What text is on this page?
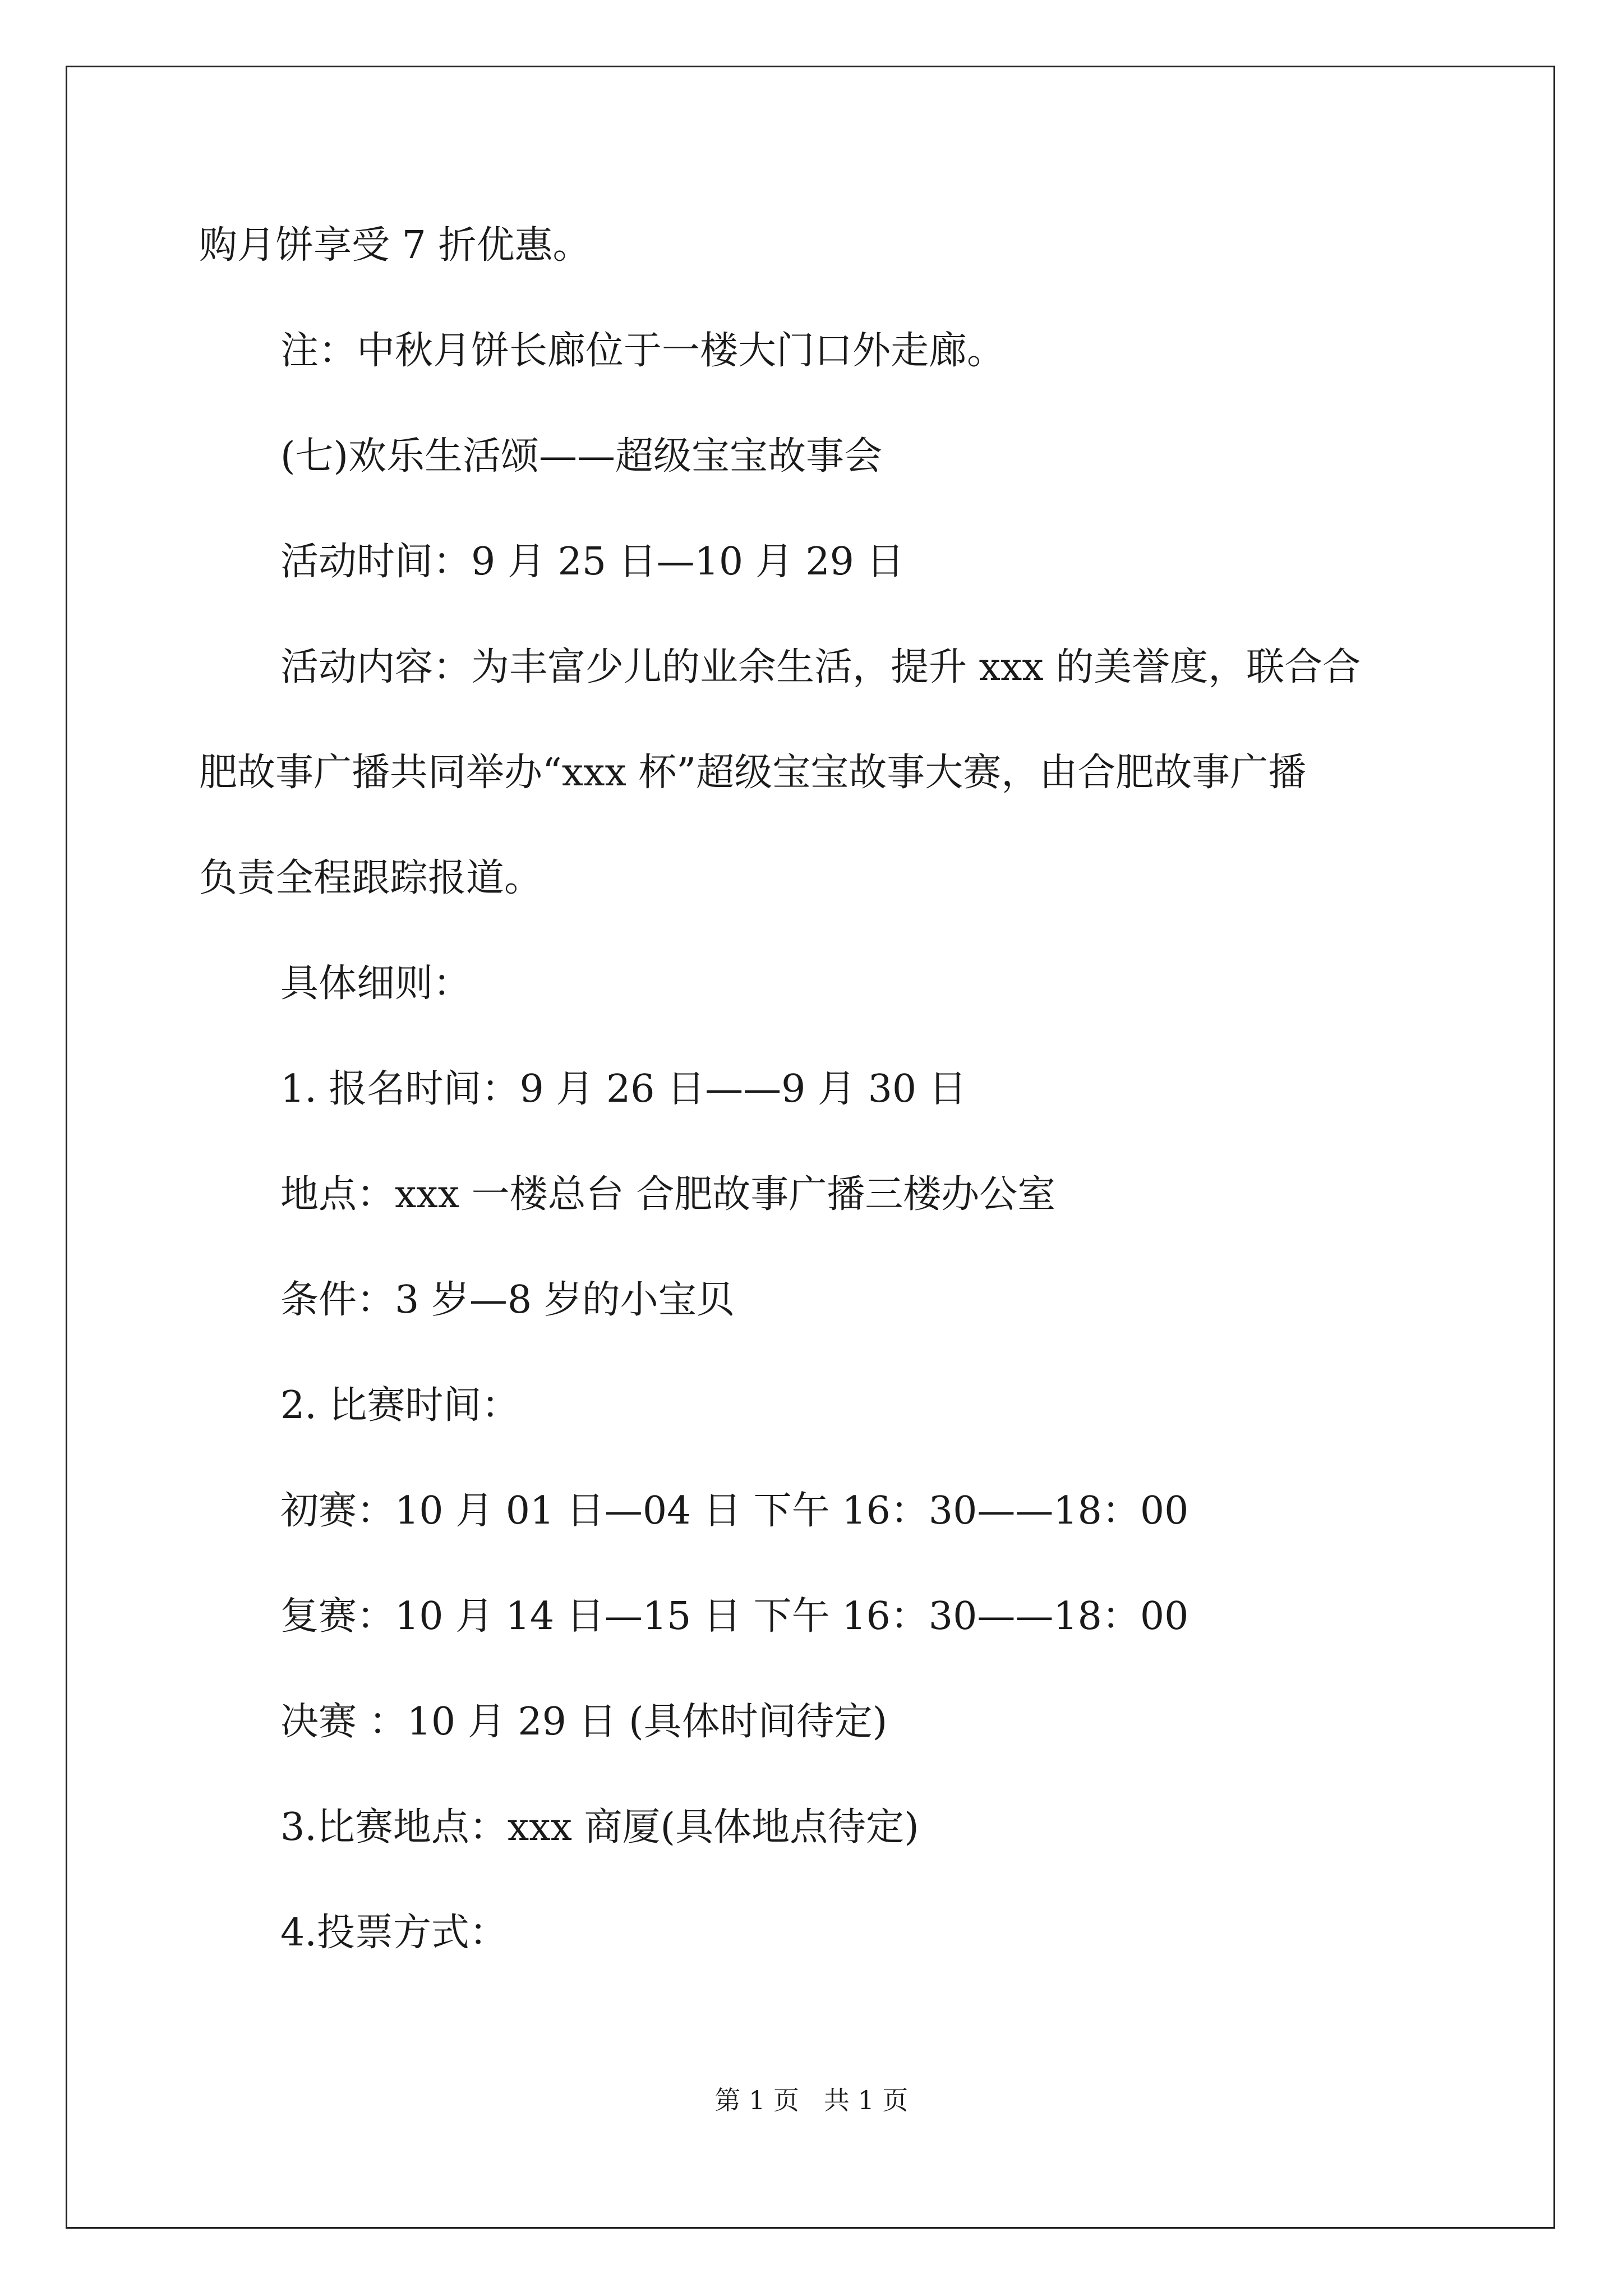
购月饼享受 7 折优惠。
注：中秋月饼长廊位于一楼大门口外走廊。
(七)欢乐生活颂——超级宝宝故事会
活动时间：9 月 25 日—10 月 29 日
活动内容：为丰富少儿的业余生活，提升 xxx 的美誉度，联合合
肥故事广播共同举办“xxx 杯”超级宝宝故事大赛，由合肥故事广播
负责全程跟踪报道。
具体细则：
1. 报名时间：9 月 26 日——9 月 30 日
地点：xxx 一楼总台 合肥故事广播三楼办公室
条件：3 岁—8 岁的小宝贝
2. 比赛时间：
初赛：10 月 01 日—04 日 下午 16：30——18：00
复赛：10 月 14 日—15 日 下午 16：30——18：00
决赛 ：10 月 29 日 (具体时间待定)
3.比赛地点：xxx 商厦(具体地点待定)
4.投票方式：
第 1 页   共 1 页
